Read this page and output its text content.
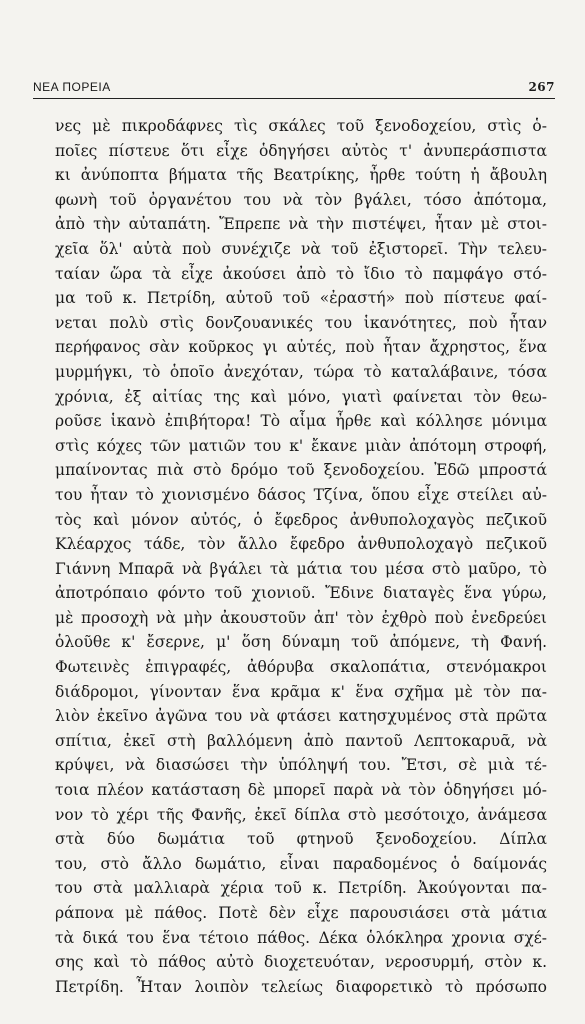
ΝΕΑ ΠΟΡΕΙΑ	267
νες μὲ πικροδάφνες τὶς σκάλες τοῦ ξενοδοχείου, στὶς ὁ-
ποῖες πίστευε ὅτι εἶχε ὁδηγήσει αὐτὸς τ' ἀνυπεράσπιστα
κι ἀνύποπτα βήματα τῆς Βεατρίκης, ἦρθε τούτη ἡ ἄβουλη
φωνὴ τοῦ ὀργανέτου του νὰ τὸν βγάλει, τόσο ἀπότομα,
ἀπὸ τὴν αὐταπάτη. Ἔπρεπε νὰ τὴν πιστέψει, ἦταν μὲ στοι-
χεῖα ὅλ' αὐτὰ ποὺ συνέχιζε νὰ τοῦ ἐξιστορεῖ. Τὴν τελευ-
ταίαν ὥρα τὰ εἶχε ἀκούσει ἀπὸ τὸ ἴδιο τὸ παμφάγο στό-
μα τοῦ κ. Πετρίδη, αὐτοῦ τοῦ «ἐραστή» ποὺ πίστευε φαί-
νεται πολὺ στὶς δονζουανικές του ἱκανότητες, ποὺ ἦταν
περήφανος σὰν κοῦρκος γι αὐτές, ποὺ ἦταν ἄχρηστος, ἕνα
μυρμήγκι, τὸ ὁποῖο ἀνεχόταν, τώρα τὸ καταλάβαινε, τόσα
χρόνια, ἐξ αἰτίας της καὶ μόνο, γιατὶ φαίνεται τὸν θεω-
ροῦσε ἱκανὸ ἐπιβήτορα! Τὸ αἷμα ἦρθε καὶ κόλλησε μόνιμα
στὶς κόχες τῶν ματιῶν του κ' ἔκανε μιὰν ἀπότομη στροφή,
μπαίνοντας πιὰ στὸ δρόμο τοῦ ξενοδοχείου. Ἐδῶ μπροστά
του ἦταν τὸ χιονισμένο δάσος Τζίνα, ὅπου εἶχε στείλει αὐ-
τὸς καὶ μόνον αὐτός, ὁ ἔφεδρος ἀνθυπολοχαγὸς πεζικοῦ
Κλέαρχος τάδε, τὸν ἄλλο ἔφεδρο ἀνθυπολοχαγὸ πεζικοῦ
Γιάννη Μπαρᾶ νὰ βγάλει τὰ μάτια του μέσα στὸ μαῦρο, τὸ
ἀποτρόπαιο φόντο τοῦ χιονιοῦ. Ἔδινε διαταγὲς ἕνα γύρω,
μὲ προσοχὴ νὰ μὴν ἀκουστοῦν ἀπ' τὸν ἐχθρὸ ποὺ ἐνεδρεύει
ὁλοῦθε κ' ἔσερνε, μ' ὅση δύναμη τοῦ ἀπόμενε, τὴ Φανή.
Φωτεινὲς ἐπιγραφές, ἀθόρυβα σκαλοπάτια, στενόμακροι
διάδρομοι, γίνονταν ἕνα κρᾶμα κ' ἕνα σχῆμα μὲ τὸν πα-
λιὸν ἐκεῖνο ἀγῶνα του νὰ φτάσει κατησχυμένος στὰ πρῶτα
σπίτια, ἐκεῖ στὴ βαλλόμενη ἀπὸ παντοῦ Λεπτοκαρυᾶ, νὰ
κρύψει, νὰ διασώσει τὴν ὑπόληψή του. Ἔτσι, σὲ μιὰ τέ-
τοια πλέον κατάσταση δὲ μπορεῖ παρὰ νὰ τὸν ὁδηγήσει μό-
νον τὸ χέρι τῆς Φανῆς, ἐκεῖ δίπλα στὸ μεσότοιχο, ἀνάμεσα
στὰ δύο δωμάτια τοῦ φτηνοῦ ξενοδοχείου. Δίπλα
του, στὸ ἄλλο δωμάτιο, εἶναι παραδομένος ὁ δαίμονάς
του στὰ μαλλιαρὰ χέρια τοῦ κ. Πετρίδη. Ἀκούγονται πα-
ράπονα μὲ πάθος. Ποτὲ δὲν εἶχε παρουσιάσει στὰ μάτια
τὰ δικά του ἕνα τέτοιο πάθος. Δέκα ὁλόκληρα χρονια σχέ-
σης καὶ τὸ πάθος αὐτὸ διοχετευόταν, νεροσυρμή, στὸν κ.
Πετρίδη. Ἦταν λοιπὸν τελείως διαφορετικὸ τὸ πρόσωπο
